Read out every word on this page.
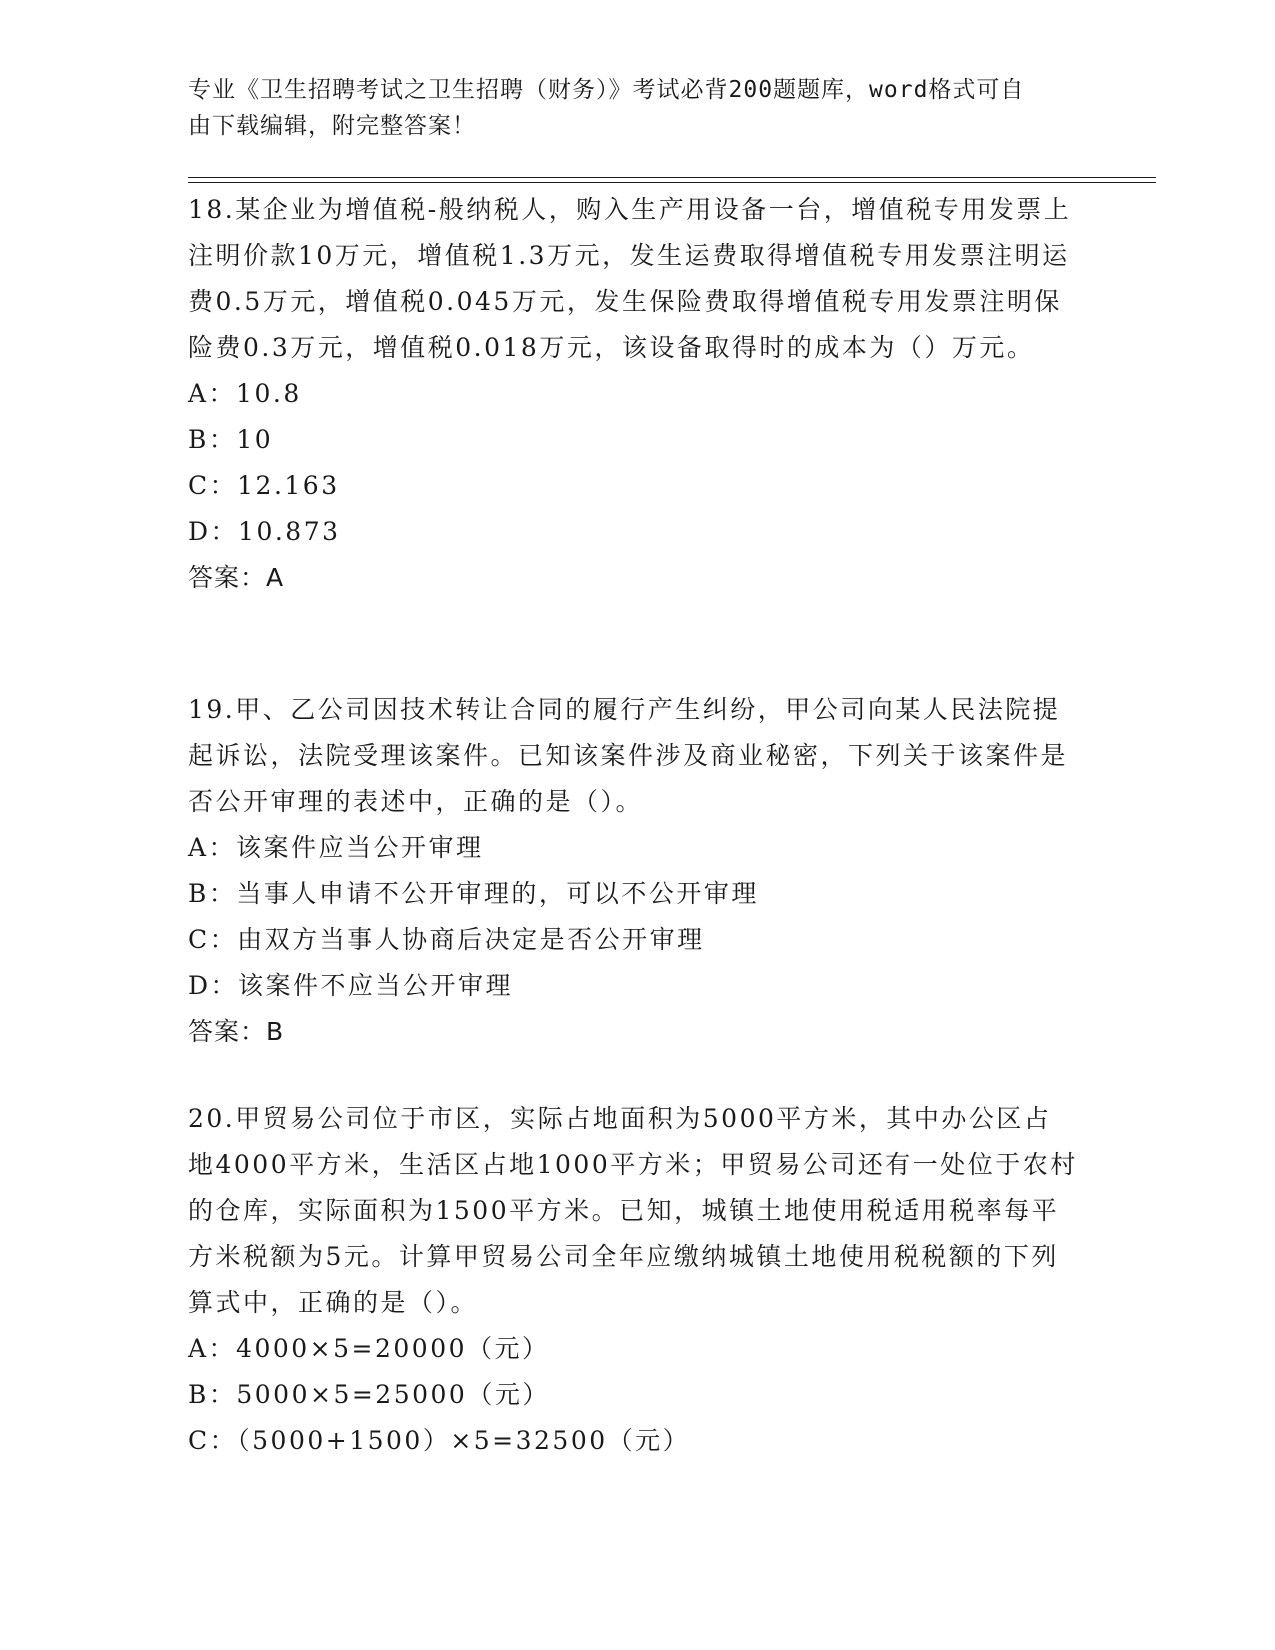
专业《卫生招聘考试之卫生招聘（财务）》考试必背200题题库，word格式可自
由下载编辑，附完整答案！

18.某企业为增值税-般纳税人，购入生产用设备一台，增值税专用发票上注明价款10万元，增值税1.3万元，发生运费取得增值税专用发票注明运费0.5万元，增值税0.045万元，发生保险费取得增值税专用发票注明保险费0.3万元，增值税0.018万元，该设备取得时的成本为（）万元。

A：10.8

B：10

C：12.163

D：10.873

答案：A

19.甲、乙公司因技术转让合同的履行产生纠纷，甲公司向某人民法院提起诉讼，法院受理该案件。已知该案件涉及商业秘密，下列关于该案件是否公开审理的表述中，正确的是（）。

A：该案件应当公开审理

B：当事人申请不公开审理的，可以不公开审理

C：由双方当事人协商后决定是否公开审理

D：该案件不应当公开审理

答案：B

20.甲贸易公司位于市区，实际占地面积为5000平方米，其中办公区占地4000平方米，生活区占地1000平方米；甲贸易公司还有一处位于农村的仓库，实际面积为1500平方米。已知，城镇土地使用税适用税率每平方米税额为5元。计算甲贸易公司全年应缴纳城镇土地使用税税额的下列算式中，正确的是（）。

A：4000×5=20000（元）

B：5000×5=25000（元）

C：（5000+1500）×5=32500（元）
